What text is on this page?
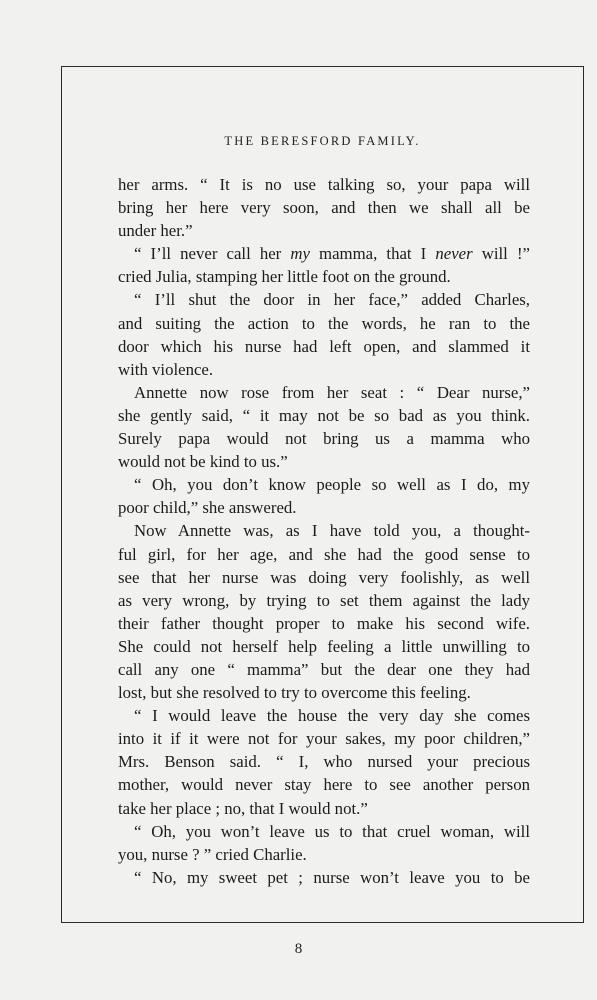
THE BERESFORD FAMILY.
her arms. “ It is no use talking so, your papa will
bring her here very soon, and then we shall all be
under her.”
“ I’ll never call her my mamma, that I never will !”
cried Julia, stamping her little foot on the ground.
“ I’ll shut the door in her face,” added Charles,
and suiting the action to the words, he ran to the
door which his nurse had left open, and slammed it
with violence.
Annette now rose from her seat : “ Dear nurse,”
she gently said, “ it may not be so bad as you think.
Surely papa would not bring us a mamma who
would not be kind to us.”
“ Oh, you don’t know people so well as I do, my
poor child,” she answered.
Now Annette was, as I have told you, a thought-
ful girl, for her age, and she had the good sense to
see that her nurse was doing very foolishly, as well
as very wrong, by trying to set them against the lady
their father thought proper to make his second wife.
She could not herself help feeling a little unwilling to
call any one “ mamma” but the dear one they had
lost, but she resolved to try to overcome this feeling.
“ I would leave the house the very day she comes
into it if it were not for your sakes, my poor children,”
Mrs. Benson said. “ I, who nursed your precious
mother, would never stay here to see another person
take her place ; no, that I would not.”
“ Oh, you won’t leave us to that cruel woman, will
you, nurse ? ” cried Charlie.
“ No, my sweet pet ; nurse won’t leave you to be
8
